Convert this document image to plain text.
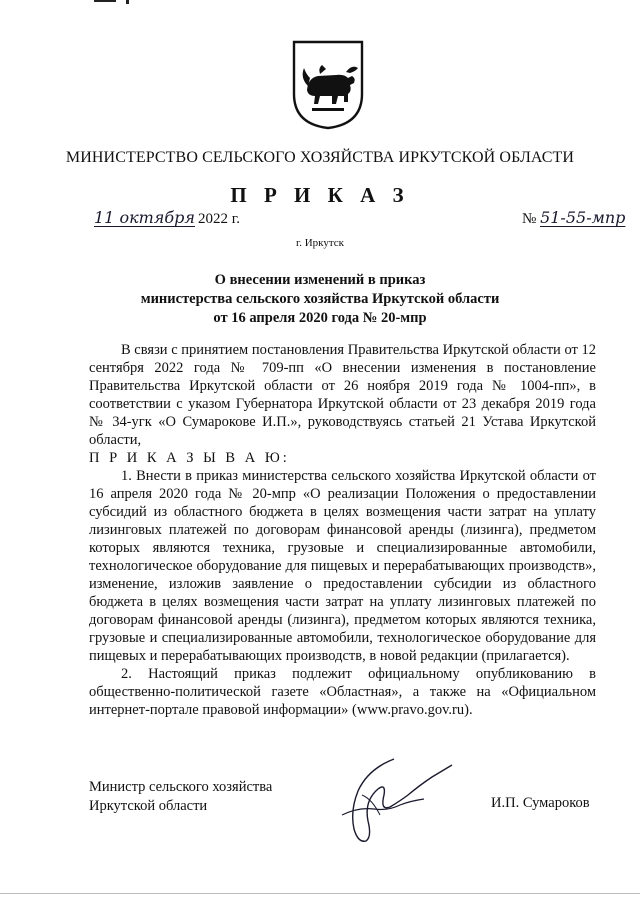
МИНИСТЕРСТВО СЕЛЬСКОГО ХОЗЯЙСТВА ИРКУТСКОЙ ОБЛАСТИ
П Р И К А З
11 октября 2022 г.	№ 51-55-мпр
г. Иркутск
О внесении изменений в приказ
министерства сельского хозяйства Иркутской области
от 16 апреля 2020 года № 20-мпр

В связи с принятием постановления Правительства Иркутской области от 12 сентября 2022 года № 709-пп «О внесении изменения в постановление Правительства Иркутской области от 26 ноября 2019 года № 1004-пп», в соответствии с указом Губернатора Иркутской области от 23 декабря 2019 года № 34-угк «О Сумарокове И.П.», руководствуясь статьей 21 Устава Иркутской области,

П Р И К А З Ы В А Ю:

1. Внести в приказ министерства сельского хозяйства Иркутской области от 16 апреля 2020 года № 20-мпр «О реализации Положения о предоставлении субсидий из областного бюджета в целях возмещения части затрат на уплату лизинговых платежей по договорам финансовой аренды (лизинга), предметом которых являются техника, грузовые и специализированные автомобили, технологическое оборудование для пищевых и перерабатывающих производств», изменение, изложив заявление о предоставлении субсидии из областного бюджета в целях возмещения части затрат на уплату лизинговых платежей по договорам финансовой аренды (лизинга), предметом которых являются техника, грузовые и специализированные автомобили, технологическое оборудование для пищевых и перерабатывающих производств, в новой редакции (прилагается).

2. Настоящий приказ подлежит официальному опубликованию в общественно-политической газете «Областная», а также на «Официальном интернет-портале правовой информации» (www.pravo.gov.ru).

Министр сельского хозяйства
Иркутской области	И.П. Сумароков
